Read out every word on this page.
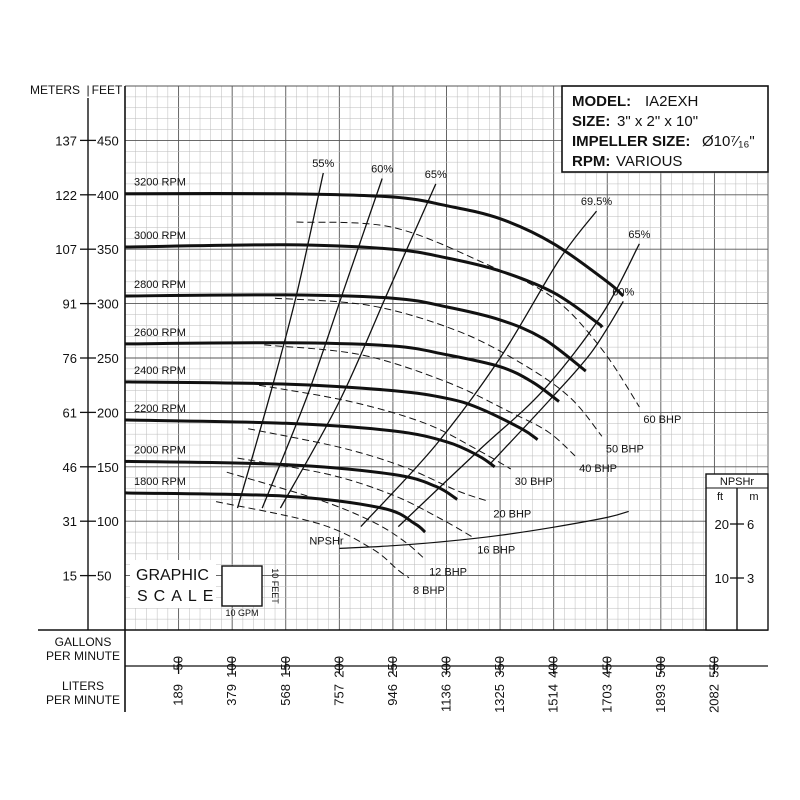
METERS | FEET
GALLONS
PER MINUTE
LITERS
PER MINUTE
50
100
150
200
250
300
350
400
450
15
31
46
61
76
91
107
122
137
50	100	150	200	250	300	350	400	450	500	550
189	379	568	757	946	1136	1325	1514	1703	1893	2082
55%	60%	65%
69.5%
65%
60%
60 BHP
50 BHP
40 BHP
30 BHP
20 BHP
16 BHP
12 BHP
8 BHP
3200 RPM
3000 RPM
2800 RPM
2600 RPM
2400 RPM
2200 RPM
2000 RPM
1800 RPM
NPSHr
MODEL: IA2EXH
SIZE: 3" x 2" x 10"
IMPELLER SIZE: Ø10⁷⁄₁₆"
RPM: VARIOUS
NPSHr
ft m
10
20
3
6
GRAPHIC
SCALE
10 GPM
10 FEET
